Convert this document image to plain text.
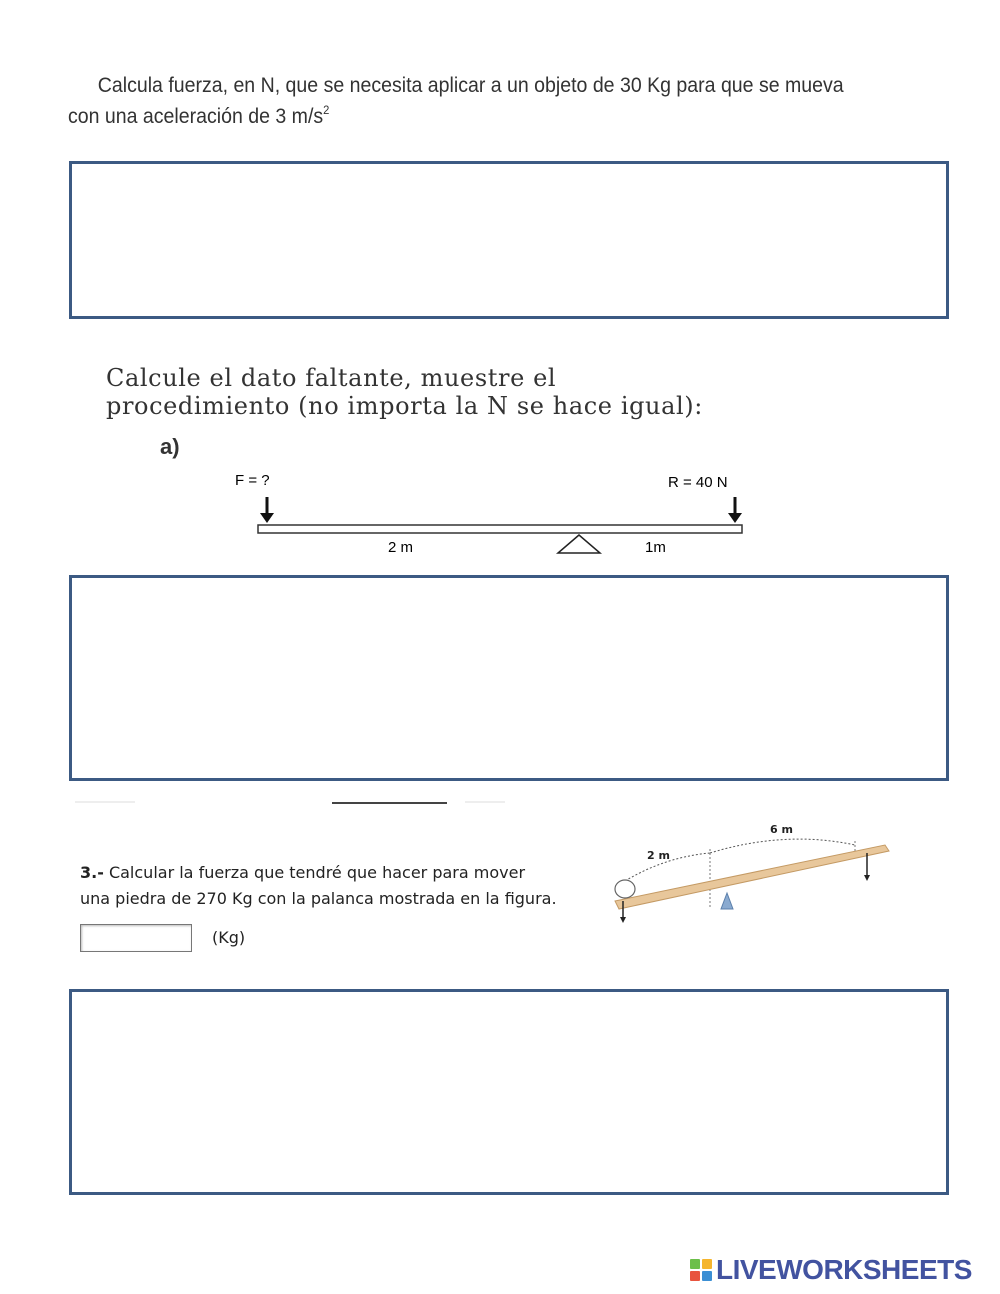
Calcula fuerza, en N, que se necesita aplicar a un objeto de 30 Kg para que se mueva
con una aceleración de 3 $m/s^2$
Calcule el dato faltante, muestre el
procedimiento (no importa la N se hace igual):
a)
F = ?	R = 40 N
2 m	1m
3.- Calcular la fuerza que tendré que hacer para mover
una piedra de 270 Kg con la palanca mostrada en la figura.
(Kg)
2 m
6 m
LIVEWORKSHEETS
